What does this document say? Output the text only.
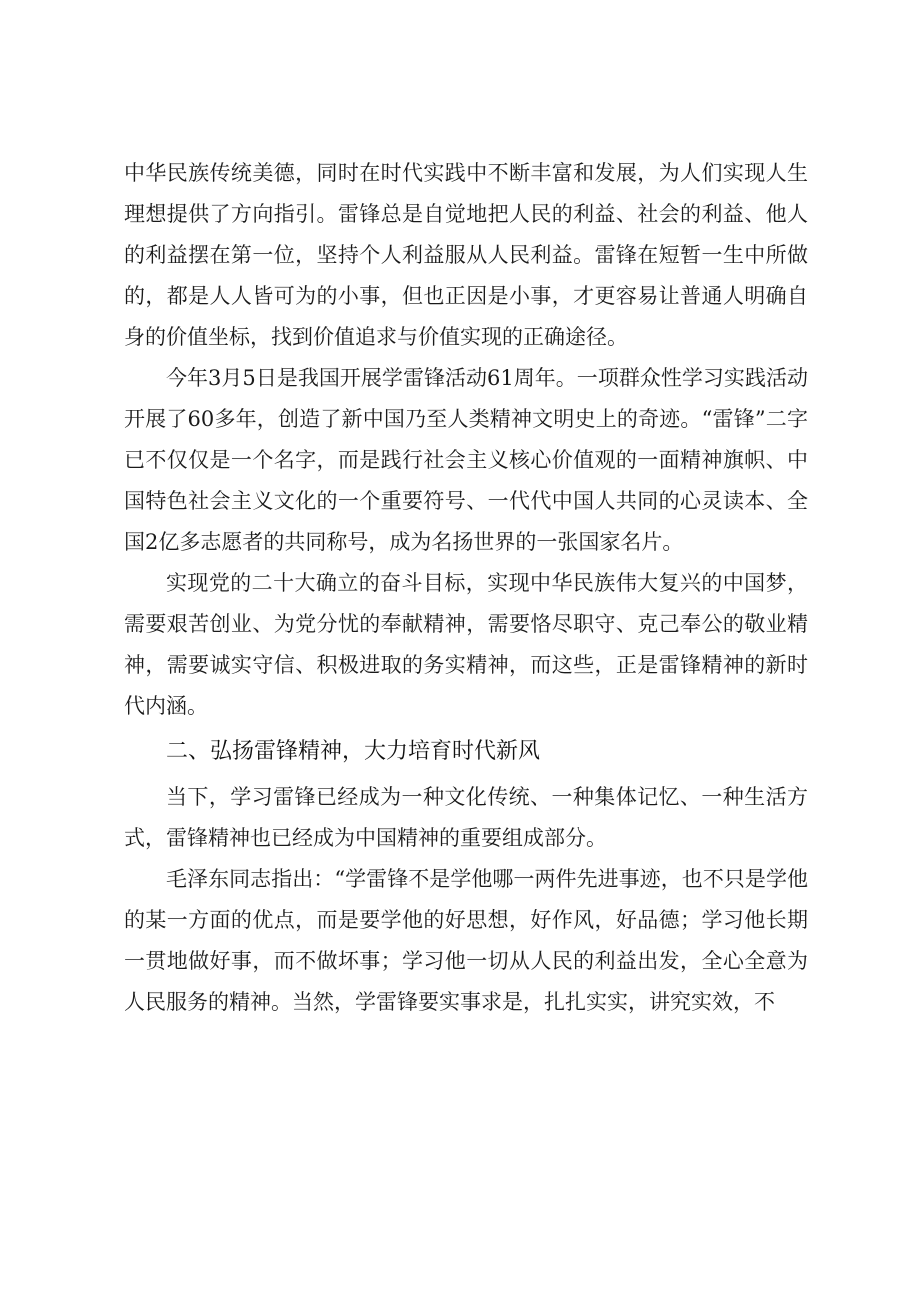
中华民族传统美德，同时在时代实践中不断丰富和发展，为人们实现人生理想提供了方向指引。雷锋总是自觉地把人民的利益、社会的利益、他人的利益摆在第一位，坚持个人利益服从人民利益。雷锋在短暂一生中所做的，都是人人皆可为的小事，但也正因是小事，才更容易让普通人明确自身的价值坐标，找到价值追求与价值实现的正确途径。

今年3月5日是我国开展学雷锋活动61周年。一项群众性学习实践活动开展了60多年，创造了新中国乃至人类精神文明史上的奇迹。“雷锋”二字已不仅仅是一个名字，而是践行社会主义核心价值观的一面精神旗帜、中国特色社会主义文化的一个重要符号、一代代中国人共同的心灵读本、全国2亿多志愿者的共同称号，成为名扬世界的一张国家名片。

实现党的二十大确立的奋斗目标，实现中华民族伟大复兴的中国梦，需要艰苦创业、为党分忧的奉献精神，需要恪尽职守、克己奉公的敬业精神，需要诚实守信、积极进取的务实精神，而这些，正是雷锋精神的新时代内涵。

二、弘扬雷锋精神，大力培育时代新风

当下，学习雷锋已经成为一种文化传统、一种集体记忆、一种生活方式，雷锋精神也已经成为中国精神的重要组成部分。

毛泽东同志指出：“学雷锋不是学他哪一两件先进事迹，也不只是学他的某一方面的优点，而是要学他的好思想，好作风，好品德；学习他长期一贯地做好事，而不做坏事；学习他一切从人民的利益出发，全心全意为人民服务的精神。当然，学雷锋要实事求是，扎扎实实，讲究实效，不
